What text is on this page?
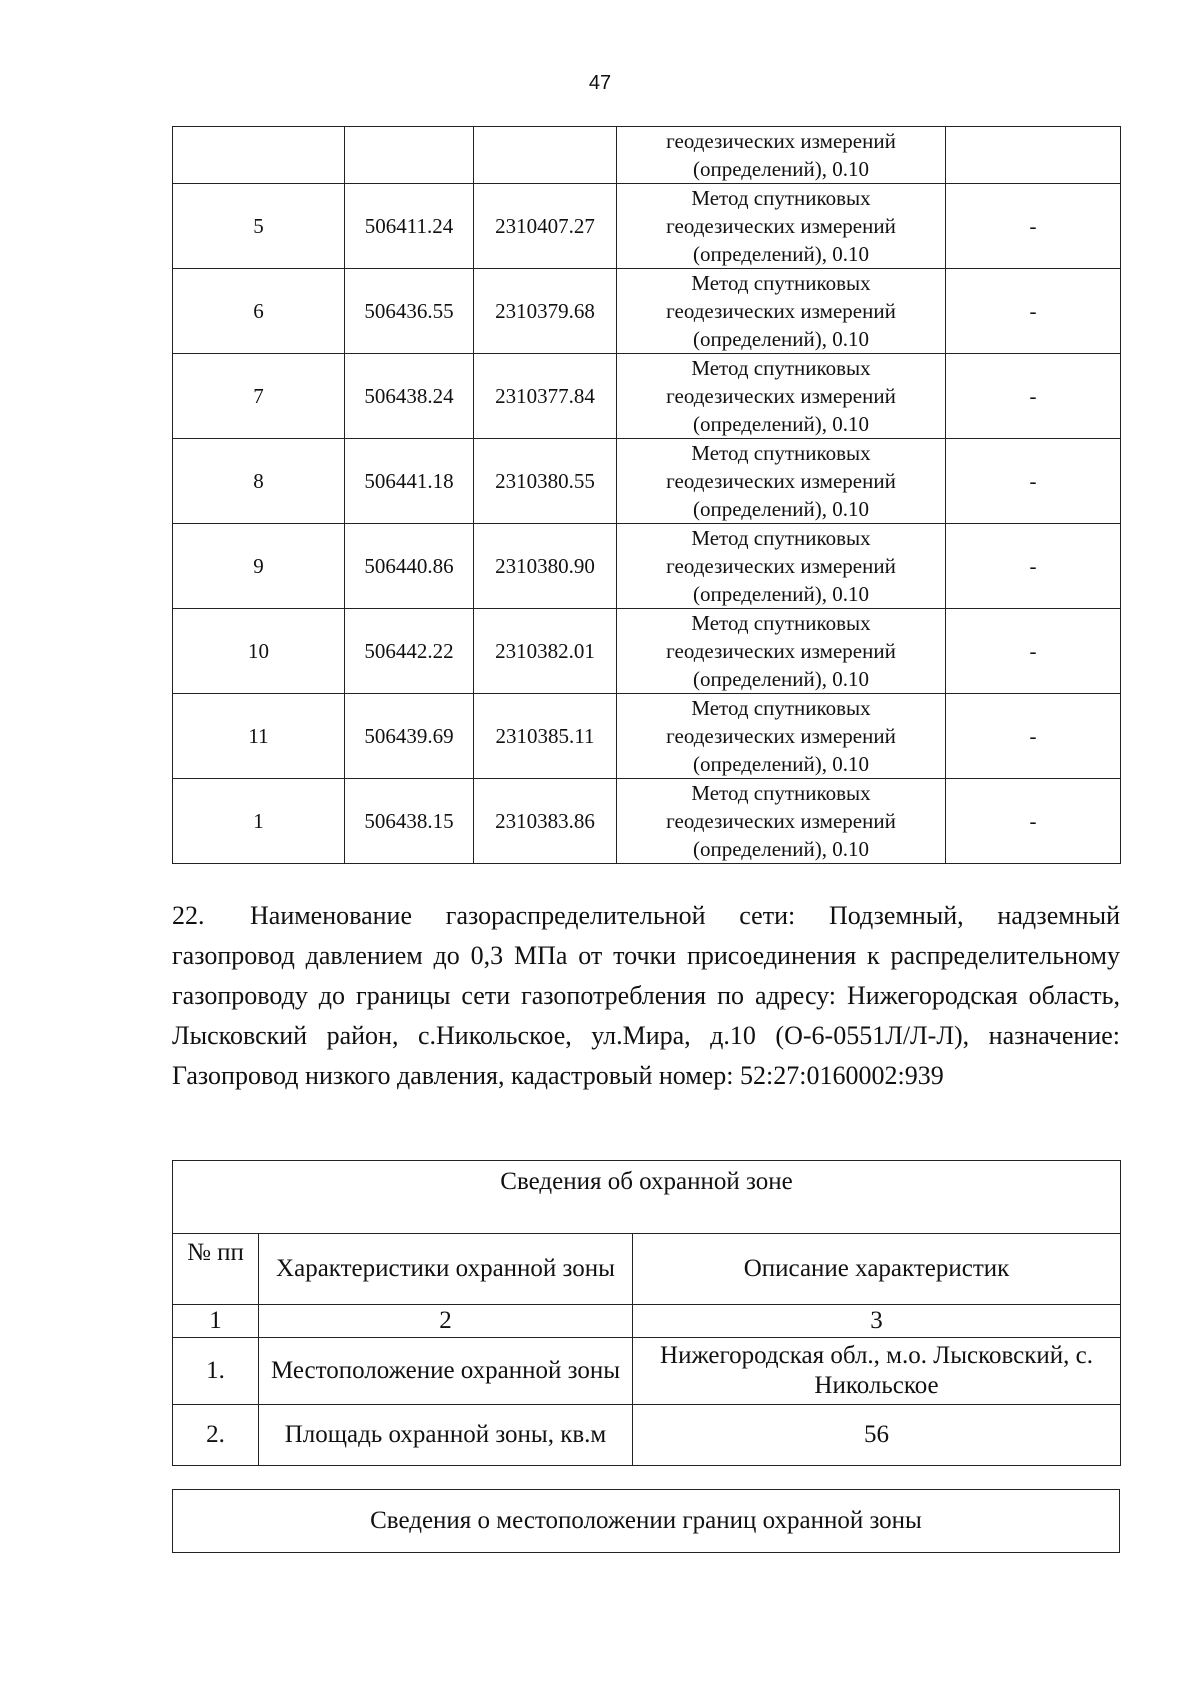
47

			геодезических измерений
(определений), 0.10	

5	506411.24	2310407.27	Метод спутниковых
геодезических измерений
(определений), 0.10	-
6	506436.55	2310379.68	Метод спутниковых
геодезических измерений
(определений), 0.10	-
7	506438.24	2310377.84	Метод спутниковых
геодезических измерений
(определений), 0.10	-
8	506441.18	2310380.55	Метод спутниковых
геодезических измерений
(определений), 0.10	-
9	506440.86	2310380.90	Метод спутниковых
геодезических измерений
(определений), 0.10	-
10	506442.22	2310382.01	Метод спутниковых
геодезических измерений
(определений), 0.10	-
11	506439.69	2310385.11	Метод спутниковых
геодезических измерений
(определений), 0.10	-
1	506438.15	2310383.86	Метод спутниковых
геодезических измерений
(определений), 0.10	-

22. Наименование газораспределительной сети: Подземный, надземный газопровод давлением до 0,3 МПа от точки присоединения к распределительному газопроводу до границы сети газопотребления по адресу: Нижегородская область, Лысковский район, с.Никольское, ул.Мира, д.10 (О-6-0551Л/Л-Л), назначение: Газопровод низкого давления, кадастровый номер: 52:27:0160002:939

Сведения об охранной зоне		
№ пп	Характеристики охранной зоны	Описание характеристик
1	2	3
1.	Местоположение охранной зоны	Нижегородская обл., м.о. Лысковский, с. Никольское
2.	Площадь охранной зоны, кв.м	56
Сведения о местоположении границ охранной зоны
